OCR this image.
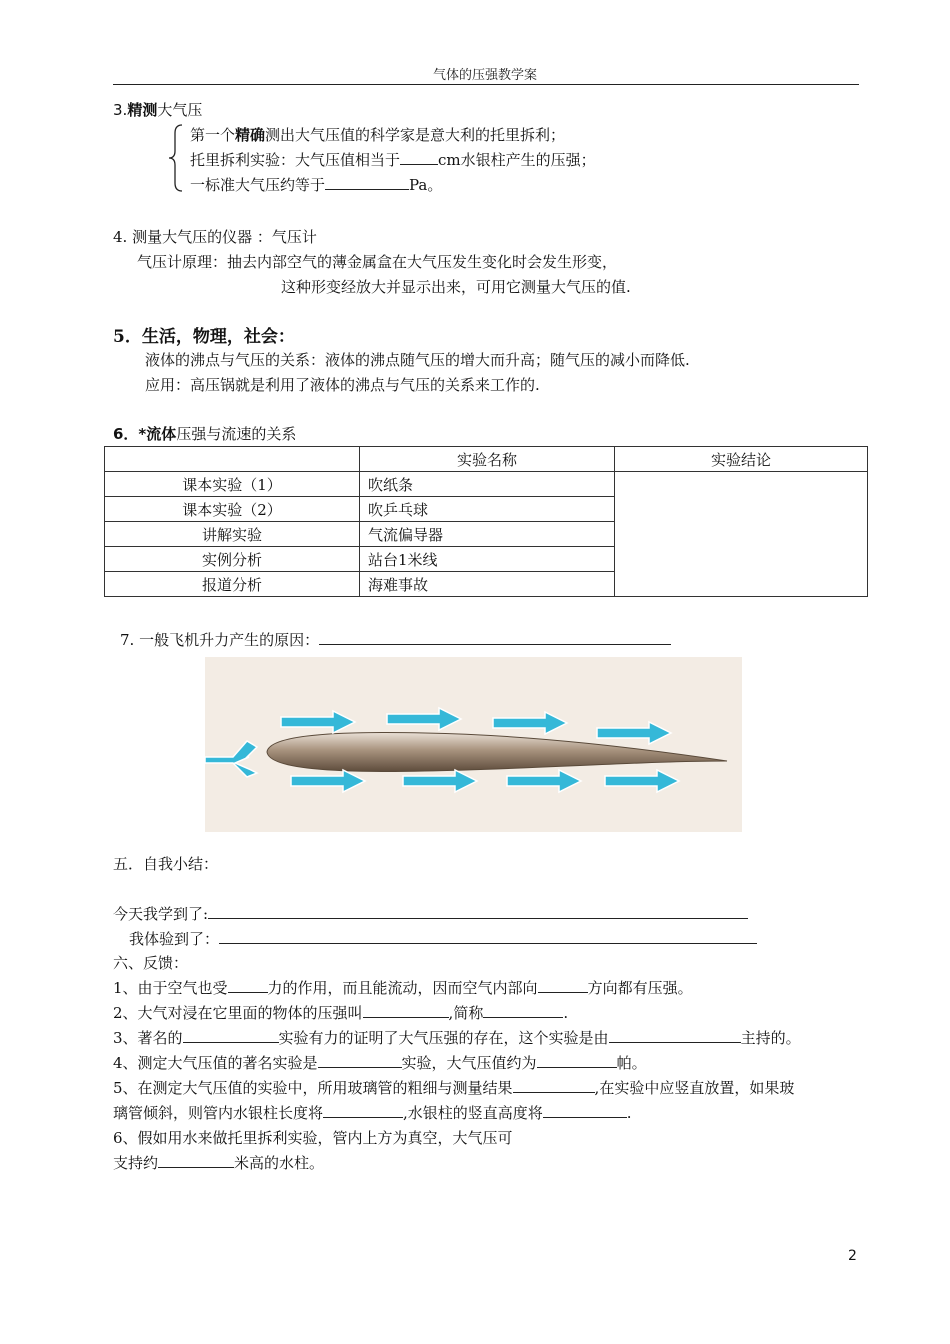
气体的压强教学案
3.精测大气压
第一个精确测出大气压值的科学家是意大利的托里拆利；
托里拆利实验：大气压值相当于	cm水银柱产生的压强；
一标准大气压约等于	Pa。
4. 测量大气压的仪器 ：气压计
气压计原理：抽去内部空气的薄金属盒在大气压发生变化时会发生形变，
这种形变经放大并显示出来，可用它测量大气压的值.
5．生活，物理，社会：
液体的沸点与气压的关系：液体的沸点随气压的增大而升高；随气压的减小而降低.
应用：高压锅就是利用了液体的沸点与气压的关系来工作的.
6．*流体压强与流速的关系
	实验名称	实验结论
课本实验（1）	吹纸条	
课本实验（2）	吹乒乓球	
讲解实验	气流偏导器	
实例分析	站台1米线	
报道分析	海难事故	
7. 一般飞机升力产生的原因：
五．自我小结：
今天我学到了:
我体验到了：
六、反馈：
1、由于空气也受	力的作用，而且能流动，因而空气内部向	方向都有压强。
2、大气对浸在它里面的物体的压强叫	,简称	.
3、著名的	实验有力的证明了大气压强的存在，这个实验是由	主持的。
4、测定大气压值的著名实验是	实验，大气压值约为	帕。
5、在测定大气压值的实验中，所用玻璃管的粗细与测量结果	,在实验中应竖直放置，如果玻
璃管倾斜，则管内水银柱长度将	,水银柱的竖直高度将	.
6、假如用水来做托里拆利实验，管内上方为真空，大气压可
支持约	米高的水柱。
2
